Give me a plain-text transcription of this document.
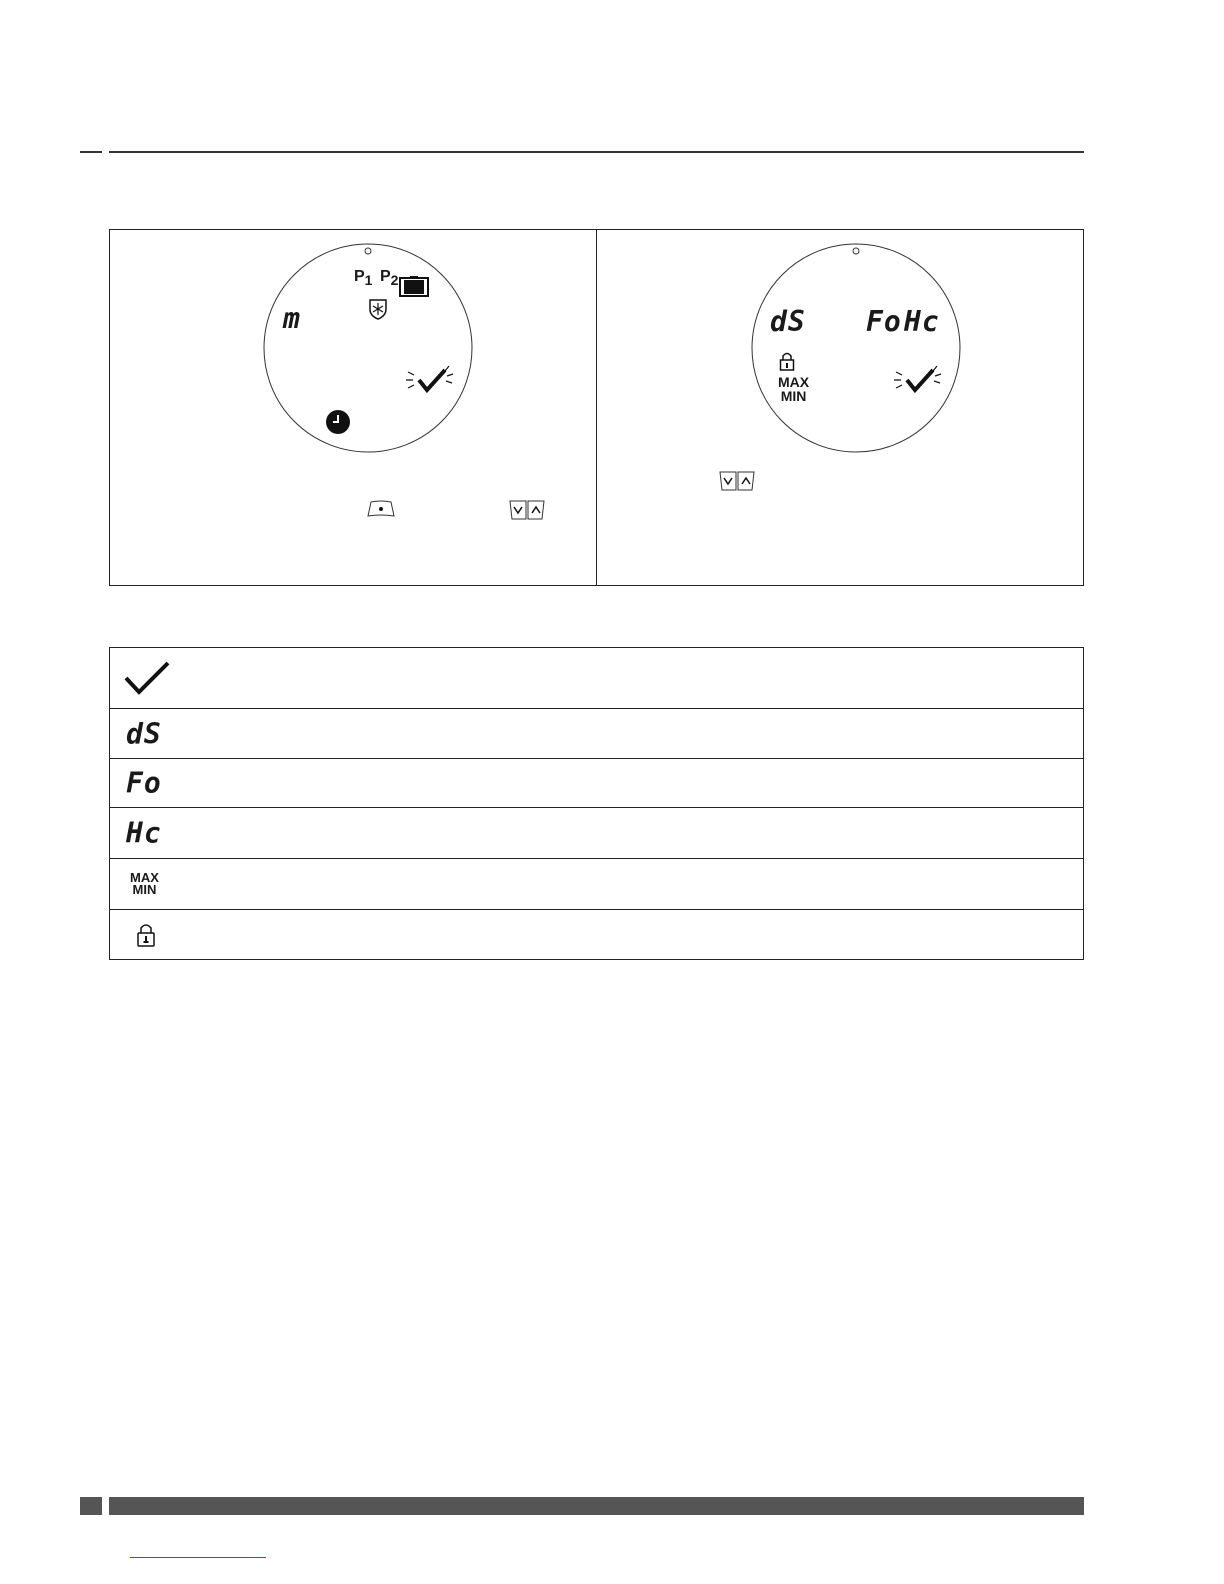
m
$P_1$ $P_2$
dS Fo Hc
MAX
MIN
dS
Fo
Hc
MAX
MIN
